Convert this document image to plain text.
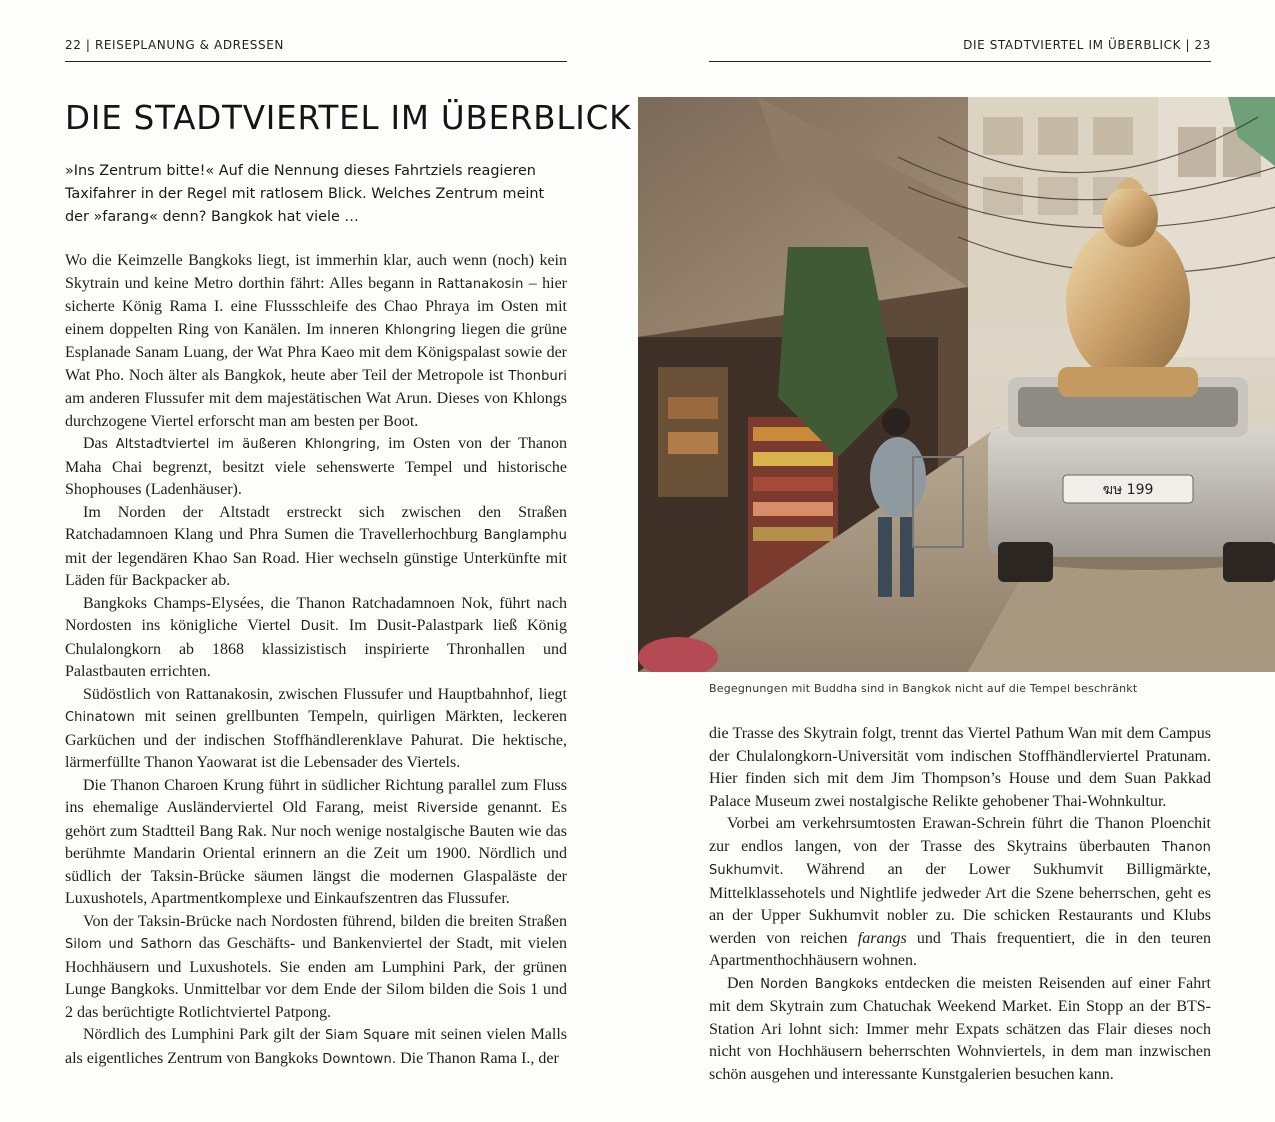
22 | REISEPLANUNG & ADRESSEN
DIE STADTVIERTEL IM ÜBERBLICK

»Ins Zentrum bitte!« Auf die Nennung dieses Fahrtziels reagieren Taxifahrer in der Regel mit ratlosem Blick. Welches Zentrum meint der »farang« denn? Bangkok hat viele …

Wo die Keimzelle Bangkoks liegt, ist immerhin klar, auch wenn (noch) kein Skytrain und keine Metro dorthin fährt: Alles begann in Rattanakosin – hier sicherte König Rama I. eine Flussschleife des Chao Phraya im Osten mit einem doppelten Ring von Kanälen. Im inneren Khlongring liegen die grüne Esplanade Sanam Luang, der Wat Phra Kaeo mit dem Königspalast sowie der Wat Pho. Noch älter als Bangkok, heute aber Teil der Metropole ist Thonburi am anderen Flussufer mit dem majestätischen Wat Arun. Dieses von Khlongs durchzogene Viertel erforscht man am besten per Boot.

Das Altstadtviertel im äußeren Khlongring, im Osten von der Thanon Maha Chai begrenzt, besitzt viele sehenswerte Tempel und historische Shophouses (Ladenhäuser).

Im Norden der Altstadt erstreckt sich zwischen den Straßen Ratchadamnoen Klang und Phra Sumen die Travellerhochburg Banglamphu mit der legendären Khao San Road. Hier wechseln günstige Unterkünfte mit Läden für Backpacker ab.

Bangkoks Champs-Elysées, die Thanon Ratchadamnoen Nok, führt nach Nordosten ins königliche Viertel Dusit. Im Dusit-Palastpark ließ König Chulalongkorn ab 1868 klassizistisch inspirierte Thronhallen und Palastbauten errichten.

Südöstlich von Rattanakosin, zwischen Flussufer und Hauptbahnhof, liegt Chinatown mit seinen grellbunten Tempeln, quirligen Märkten, leckeren Garküchen und der indischen Stoffhändlerenklave Pahurat. Die hektische, lärmerfüllte Thanon Yaowarat ist die Lebensader des Viertels.

Die Thanon Charoen Krung führt in südlicher Richtung parallel zum Fluss ins ehemalige Ausländerviertel Old Farang, meist Riverside genannt. Es gehört zum Stadtteil Bang Rak. Nur noch wenige nostalgische Bauten wie das berühmte Mandarin Oriental erinnern an die Zeit um 1900. Nördlich und südlich der Taksin-Brücke säumen längst die modernen Glaspaläste der Luxushotels, Apartmentkomplexe und Einkaufszentren das Flussufer.

Von der Taksin-Brücke nach Nordosten führend, bilden die breiten Straßen Silom und Sathorn das Geschäfts- und Bankenviertel der Stadt, mit vielen Hochhäusern und Luxushotels. Sie enden am Lumphini Park, der grünen Lunge Bangkoks. Unmittelbar vor dem Ende der Silom bilden die Sois 1 und 2 das berüchtigte Rotlichtviertel Patpong.

Nördlich des Lumphini Park gilt der Siam Square mit seinen vielen Malls als eigentliches Zentrum von Bangkoks Downtown. Die Thanon Rama I., der

DIE STADTVIERTEL IM ÜBERBLICK | 23
ฆษ 199
Begegnungen mit Buddha sind in Bangkok nicht auf die Tempel beschränkt

die Trasse des Skytrain folgt, trennt das Viertel Pathum Wan mit dem Campus der Chulalongkorn-Universität vom indischen Stoffhändlerviertel Pratunam. Hier finden sich mit dem Jim Thompson’s House und dem Suan Pakkad Palace Museum zwei nostalgische Relikte gehobener Thai-Wohnkultur.

Vorbei am verkehrsumtosten Erawan-Schrein führt die Thanon Ploenchit zur endlos langen, von der Trasse des Skytrains überbauten Thanon Sukhumvit. Während an der Lower Sukhumvit Billigmärkte, Mittelklassehotels und Nightlife jedweder Art die Szene beherrschen, geht es an der Upper Sukhumvit nobler zu. Die schicken Restaurants und Klubs werden von reichen farangs und Thais frequentiert, die in den teuren Apartmenthochhäusern wohnen.

Den Norden Bangkoks entdecken die meisten Reisenden auf einer Fahrt mit dem Skytrain zum Chatuchak Weekend Market. Ein Stopp an der BTS-Station Ari lohnt sich: Immer mehr Expats schätzen das Flair dieses noch nicht von Hochhäusern beherrschten Wohnviertels, in dem man inzwischen schön ausgehen und interessante Kunstgalerien besuchen kann.
